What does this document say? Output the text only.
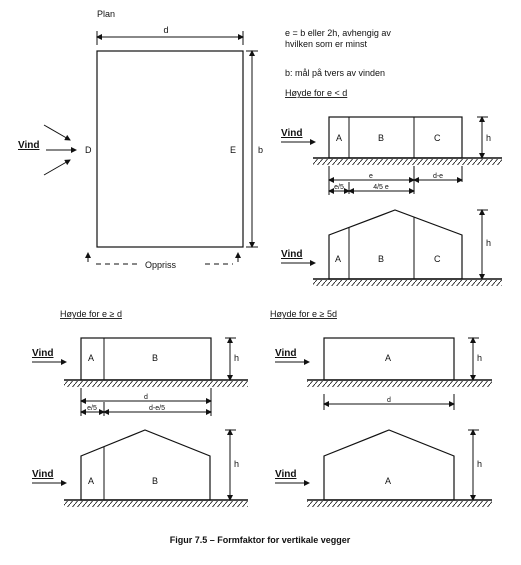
Plan
d
D	E b
Vind
Oppriss
e = b eller 2h, avhengig av
hvilken som er minst
b: mål på tvers av vinden
Høyde for e < d
Vind	A	B	C	h
e	d-e
e/5	4/5 e
Vind	A	B	C
h
Høyde for e ≥ d
Vind	A	B	h
d
e/5	d-e/5
Vind
A	B
h
Høyde for e ≥ 5d
Vind	A	h
d
Vind
A
h
Figur 7.5 – Formfaktor for vertikale vegger
